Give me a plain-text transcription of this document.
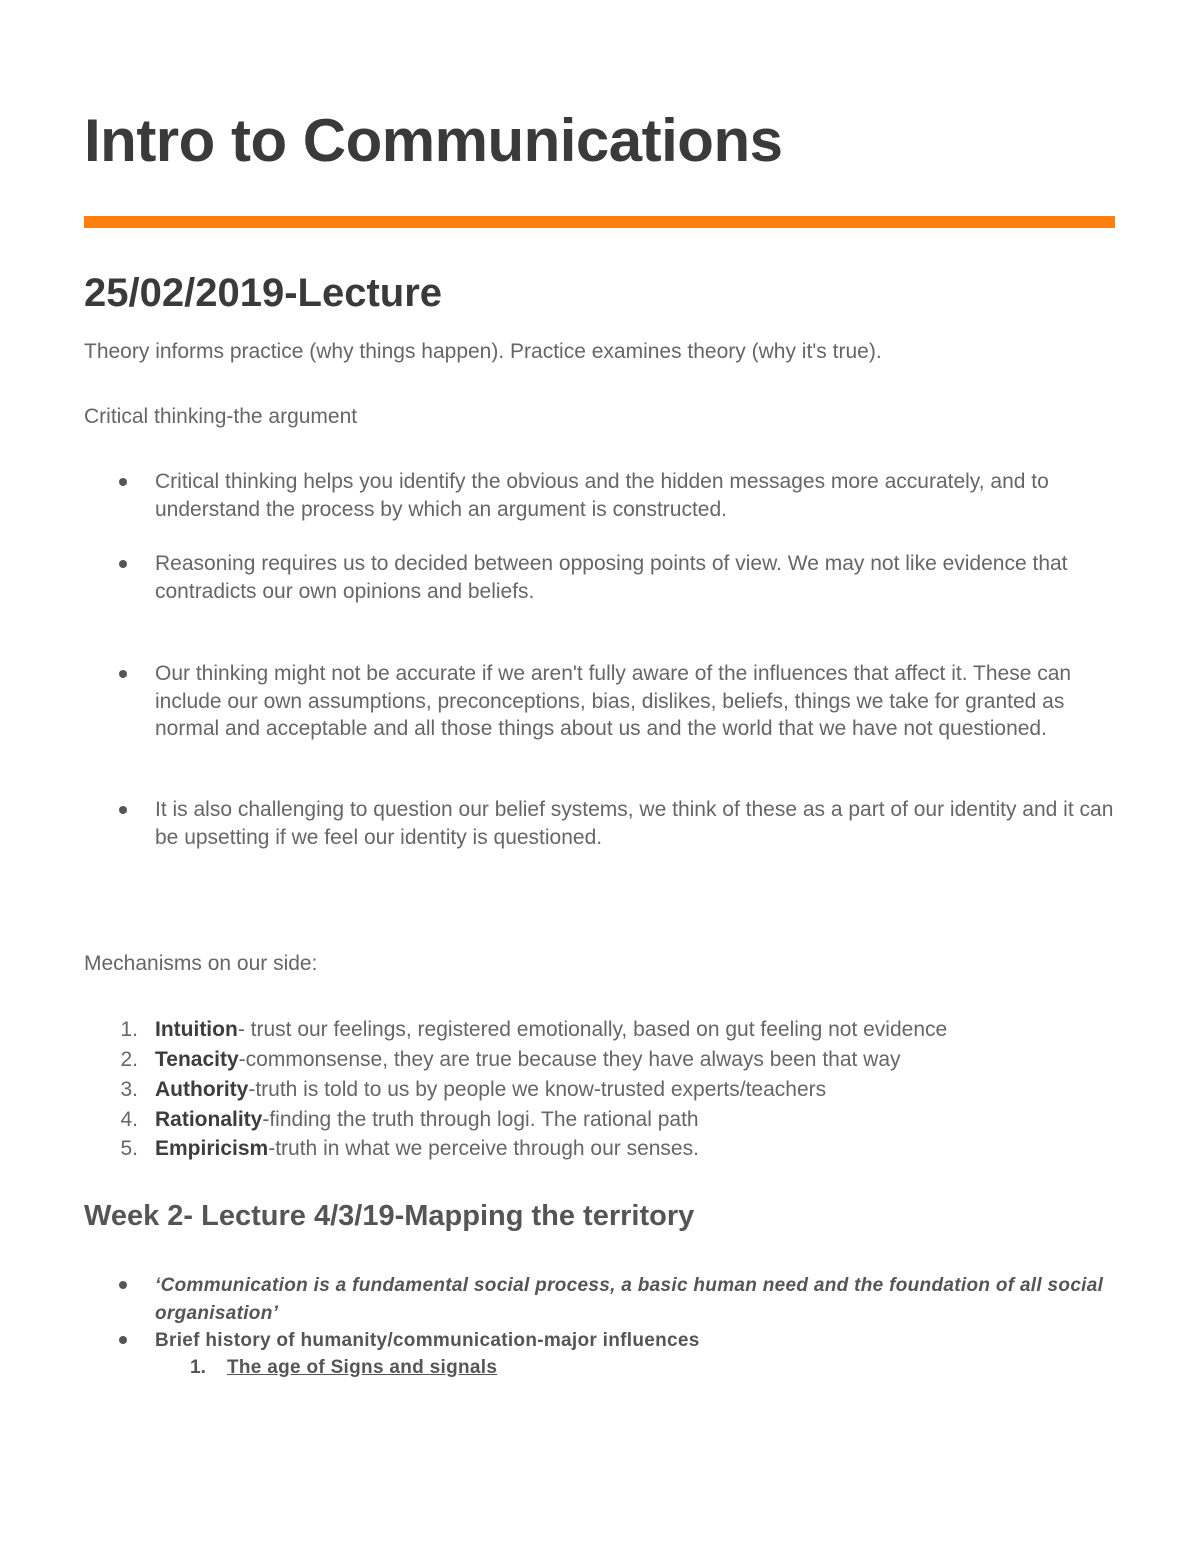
Intro to Communications
25/02/2019-Lecture

Theory informs practice (why things happen). Practice examines theory (why it's true).

Critical thinking-the argument

Critical thinking helps you identify the obvious and the hidden messages more accurately, and to understand the process by which an argument is constructed.

Reasoning requires us to decided between opposing points of view. We may not like evidence that contradicts our own opinions and beliefs.

Our thinking might not be accurate if we aren't fully aware of the influences that affect it. These can include our own assumptions, preconceptions, bias, dislikes, beliefs, things we take for granted as normal and acceptable and all those things about us and the world that we have not questioned.

It is also challenging to question our belief systems, we think of these as a part of our identity and it can be upsetting if we feel our identity is questioned.

Mechanisms on our side:

1. Intuition- trust our feelings, registered emotionally, based on gut feeling not evidence

2. Tenacity-commonsense, they are true because they have always been that way

3. Authority-truth is told to us by people we know-trusted experts/teachers

4. Rationality-finding the truth through logi. The rational path

5. Empiricism-truth in what we perceive through our senses.

Week 2- Lecture 4/3/19-Mapping the territory

‘Communication is a fundamental social process, a basic human need and the foundation of all social organisation’

Brief history of humanity/communication-major influences

1. The age of Signs and signals
